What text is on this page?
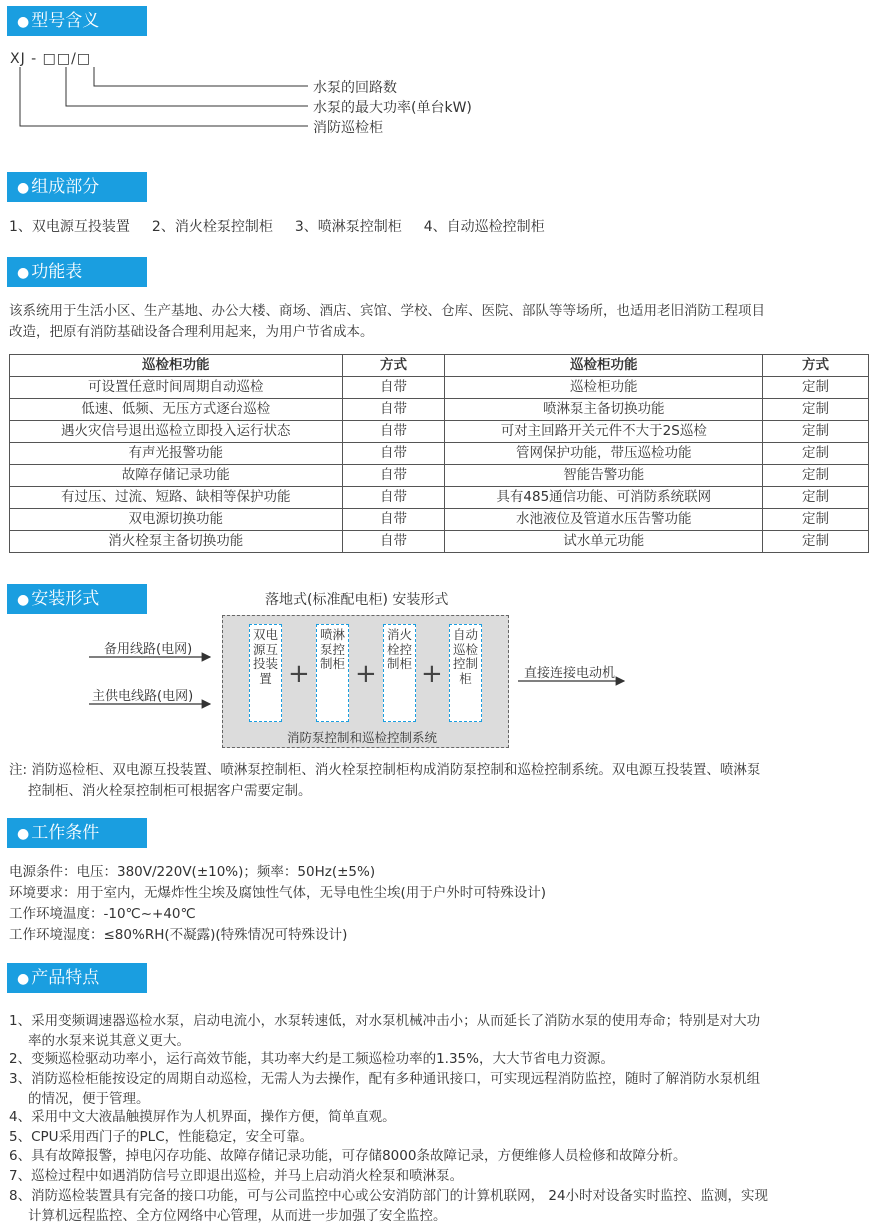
● 型号含义
XJ - □□/□
水泵的回路数
水泵的最大功率(单台kW)
消防巡检柜
● 组成部分
1、双电源互投装置 2、消火栓泵控制柜 3、喷淋泵控制柜 4、自动巡检控制柜
● 功能表
该系统用于生活小区、生产基地、办公大楼、商场、酒店、宾馆、学校、仓库、医院、部队等等场所，也适用老旧消防工程项目
改造，把原有消防基础设备合理利用起来，为用户节省成本。
巡检柜功能	方式	巡检柜功能	方式
可设置任意时间周期自动巡检	自带	巡检柜功能	定制
低速、低频、无压方式逐台巡检	自带	喷淋泵主备切换功能	定制
遇火灾信号退出巡检立即投入运行状态	自带	可对主回路开关元件不大于2S巡检	定制
有声光报警功能	自带	管网保护功能，带压巡检功能	定制
故障存储记录功能	自带	智能告警功能	定制
有过压、过流、短路、缺相等保护功能	自带	具有485通信功能、可消防系统联网	定制
双电源切换功能	自带	水池液位及管道水压告警功能	定制
消火栓泵主备切换功能	自带	试水单元功能	定制
● 安装形式	落地式(标准配电柜) 安装形式
备用线路(电网)
主供电线路(电网)
直接连接电动机
双电源互投装置 +
喷淋泵控制柜 +
消火栓控制柜 +
自动巡检控制柜
消防泵控制和巡检控制系统
注: 消防巡检柜、双电源互投装置、喷淋泵控制柜、消火栓泵控制柜构成消防泵控制和巡检控制系统。双电源互投装置、喷淋泵
控制柜、消火栓泵控制柜可根据客户需要定制。
● 工作条件
电源条件：电压：380V/220V(±10%)；频率：50Hz(±5%)
环境要求：用于室内，无爆炸性尘埃及腐蚀性气体，无导电性尘埃(用于户外时可特殊设计)
工作环境温度：-10℃~+40℃
工作环境湿度：≤80%RH(不凝露)(特殊情况可特殊设计)
● 产品特点
1、采用变频调速器巡检水泵，启动电流小，水泵转速低，对水泵机械冲击小；从而延长了消防水泵的使用寿命；特别是对大功
率的水泵来说其意义更大。
2、变频巡检驱动功率小，运行高效节能，其功率大约是工频巡检功率的1.35%，大大节省电力资源。
3、消防巡检柜能按设定的周期自动巡检，无需人为去操作，配有多种通讯接口，可实现远程消防监控，随时了解消防水泵机组
的情况，便于管理。
4、采用中文大液晶触摸屏作为人机界面，操作方便，简单直观。
5、CPU采用西门子的PLC，性能稳定，安全可靠。
6、具有故障报警，掉电闪存功能、故障存储记录功能，可存储8000条故障记录，方便维修人员检修和故障分析。
7、巡检过程中如遇消防信号立即退出巡检，并马上启动消火栓泵和喷淋泵。
8、消防巡检装置具有完备的接口功能，可与公司监控中心或公安消防部门的计算机联网， 24小时对设备实时监控、监测，实现
计算机远程监控、全方位网络中心管理，从而进一步加强了安全监控。
